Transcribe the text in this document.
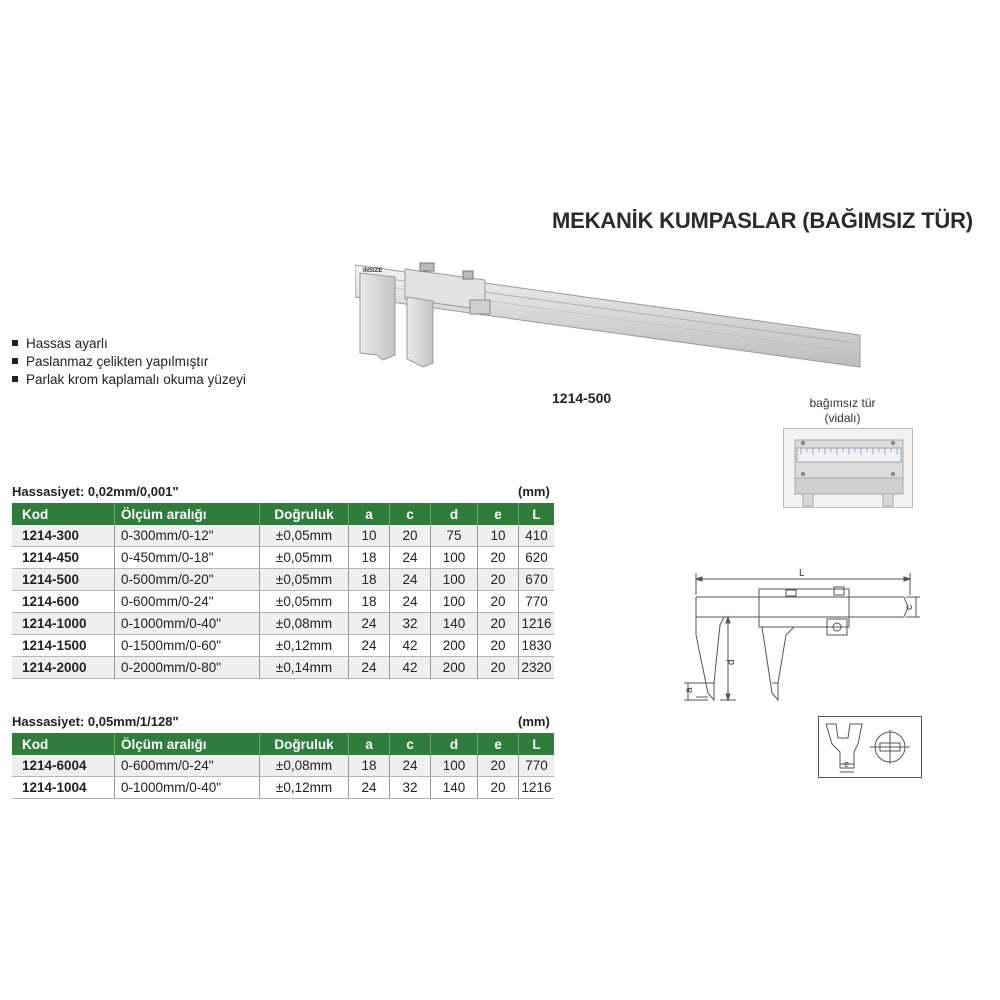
MEKANİK KUMPASLAR (BAĞIMSIZ TÜR)
INSIZE
Hassas ayarlı
Paslanmaz çelikten yapılmıştır
Parlak krom kaplamalı okuma yüzeyi
1214-500	bağımsız tür
(vidalı)
L
c
d
a
e
Hassasiyet: 0,02mm/0,001"	(mm)
Kod	Ölçüm aralığı	Doğruluk	a	c	d	e	L
1214-300	0-300mm/0-12"	±0,05mm	10	20	75	10	410
1214-450	0-450mm/0-18"	±0,05mm	18	24	100	20	620
1214-500	0-500mm/0-20"	±0,05mm	18	24	100	20	670
1214-600	0-600mm/0-24"	±0,05mm	18	24	100	20	770
1214-1000	0-1000mm/0-40"	±0,08mm	24	32	140	20	1216
1214-1500	0-1500mm/0-60"	±0,12mm	24	42	200	20	1830
1214-2000	0-2000mm/0-80"	±0,14mm	24	42	200	20	2320
Hassasiyet: 0,05mm/1/128"	(mm)
Kod	Ölçüm aralığı	Doğruluk	a	c	d	e	L
1214-6004	0-600mm/0-24"	±0,08mm	18	24	100	20	770
1214-1004	0-1000mm/0-40"	±0,12mm	24	32	140	20	1216
